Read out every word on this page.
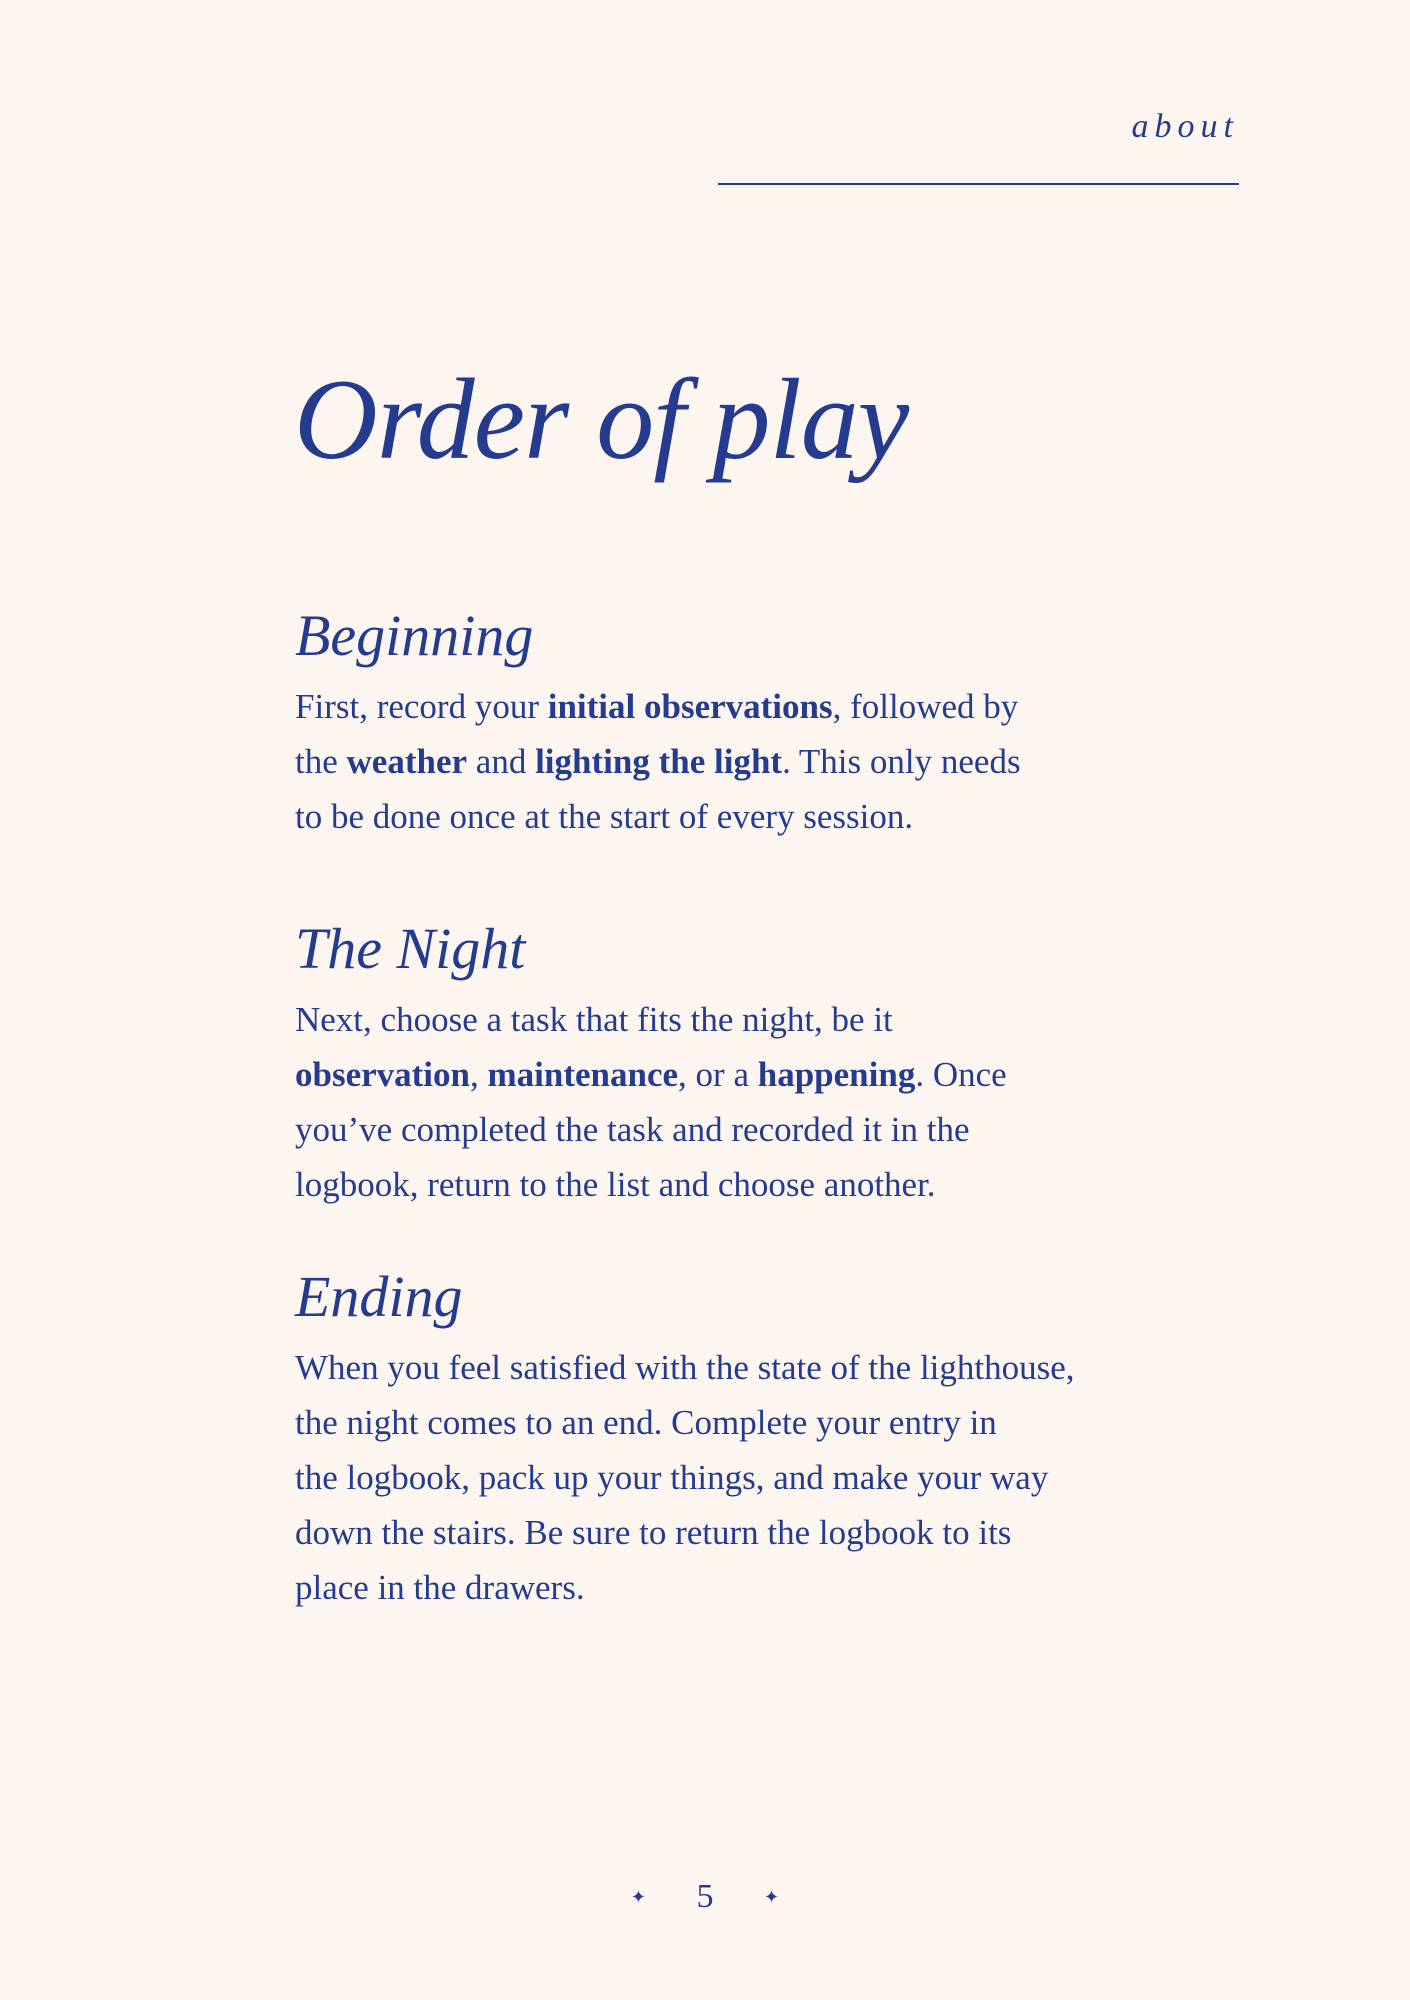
about
Order of play
Beginning

First, record your initial observations, followed by
the weather and lighting the light. This only needs
to be done once at the start of every session.

The Night

Next, choose a task that fits the night, be it
observation, maintenance, or a happening. Once
you’ve completed the task and recorded it in the
logbook, return to the list and choose another.

Ending

When you feel satisfied with the state of the lighthouse,
the night comes to an end. Complete your entry in
the logbook, pack up your things, and make your way
down the stairs. Be sure to return the logbook to its
place in the drawers.

✦ 5	✦
